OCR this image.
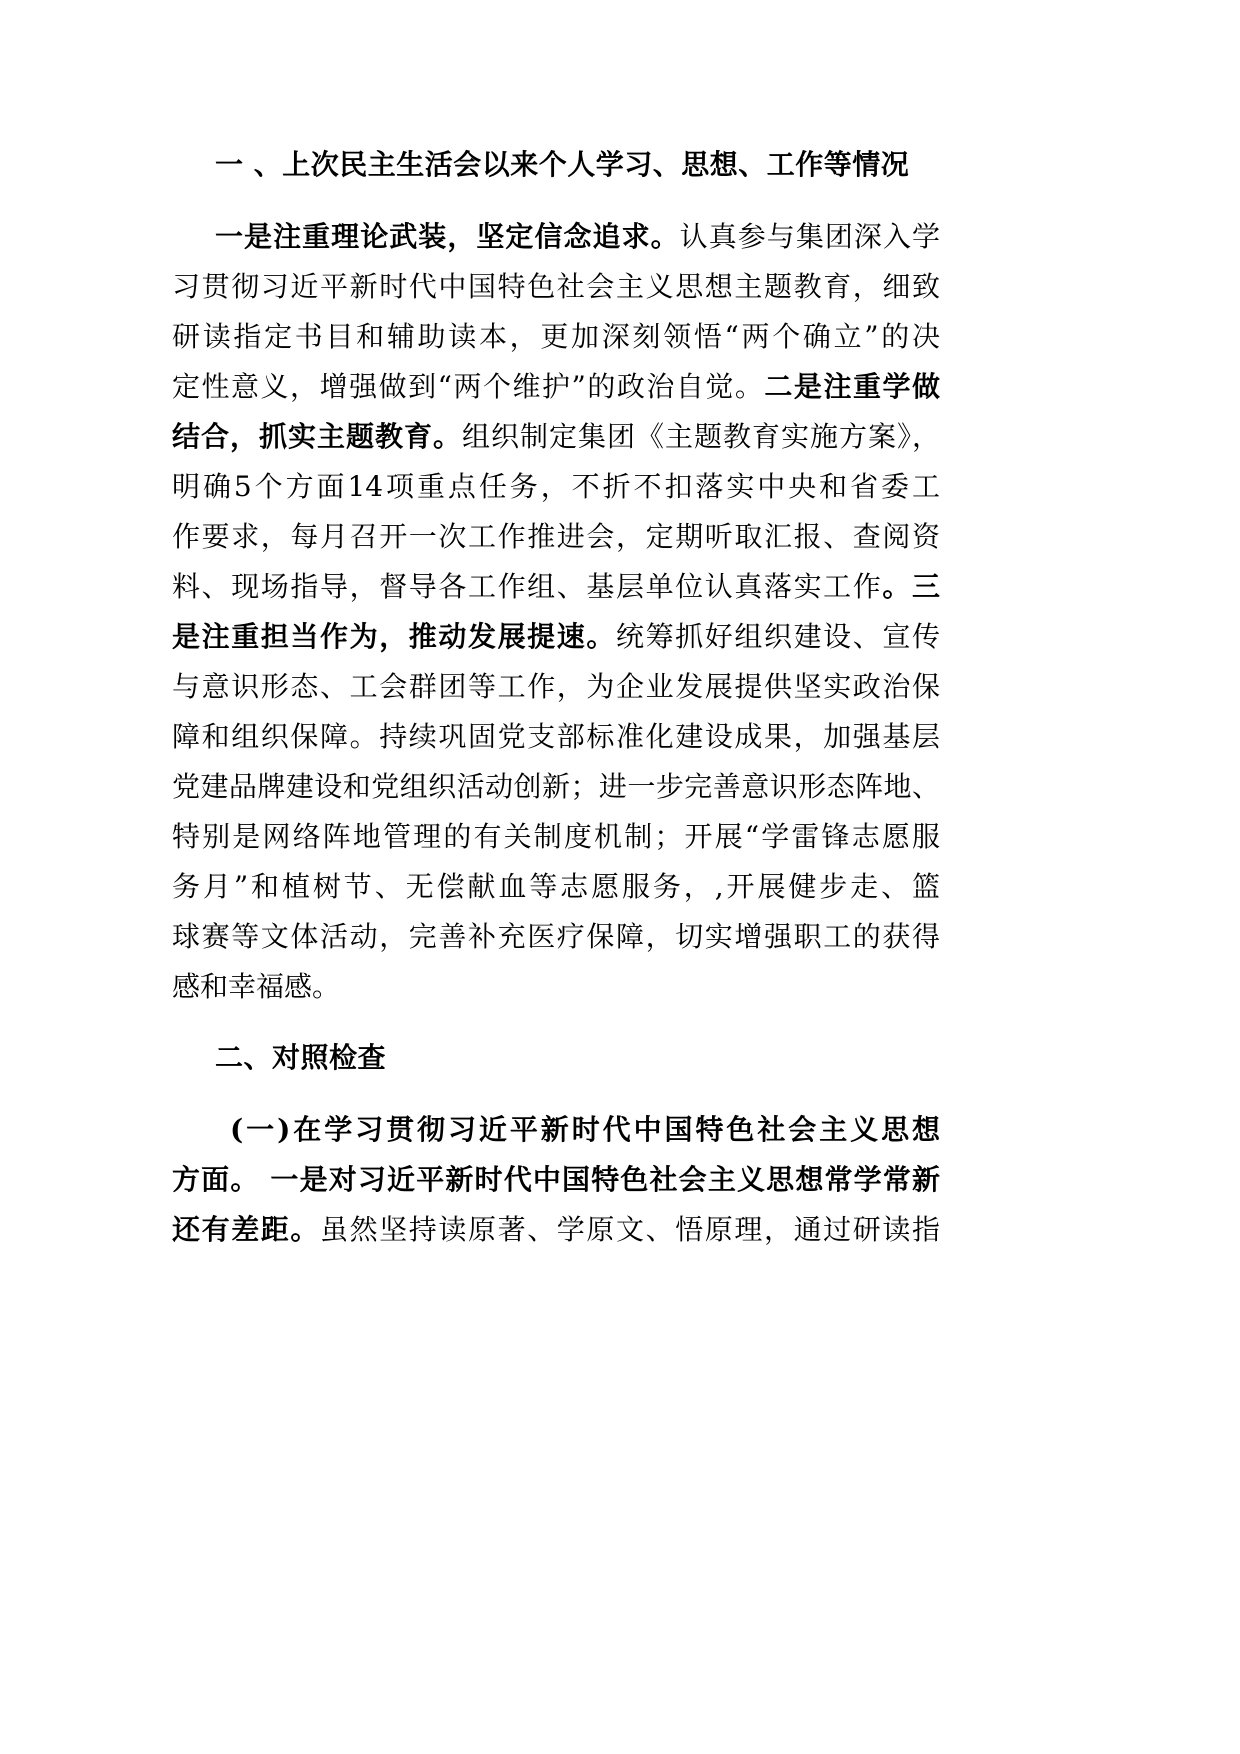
一 、上次民主生活会以来个人学习、思想、工作等情况
一是注重理论武装，坚定信念追求。认真参与集团深入学
习贯彻习近平新时代中国特色社会主义思想主题教育，细致
研读指定书目和辅助读本，更加深刻领悟“两个确立”的决
定性意义，增强做到“两个维护”的政治自觉。二是注重学做
结合，抓实主题教育。组织制定集团《主题教育实施方案》，
明确5个方面14项重点任务，不折不扣落实中央和省委工
作要求，每月召开一次工作推进会，定期听取汇报、查阅资
料、现场指导，督导各工作组、基层单位认真落实工作。三
是注重担当作为，推动发展提速。统筹抓好组织建设、宣传
与意识形态、工会群团等工作，为企业发展提供坚实政治保
障和组织保障。持续巩固党支部标准化建设成果，加强基层
党建品牌建设和党组织活动创新；进一步完善意识形态阵地、
特别是网络阵地管理的有关制度机制；开展“学雷锋志愿服
务月”和植树节、无偿献血等志愿服务，,开展健步走、篮
球赛等文体活动，完善补充医疗保障，切实增强职工的获得
感和幸福感。
二、对照检查
(一)在学习贯彻习近平新时代中国特色社会主义思想
方面。 一是对习近平新时代中国特色社会主义思想常学常新
还有差距。虽然坚持读原著、学原文、悟原理，通过研读指
